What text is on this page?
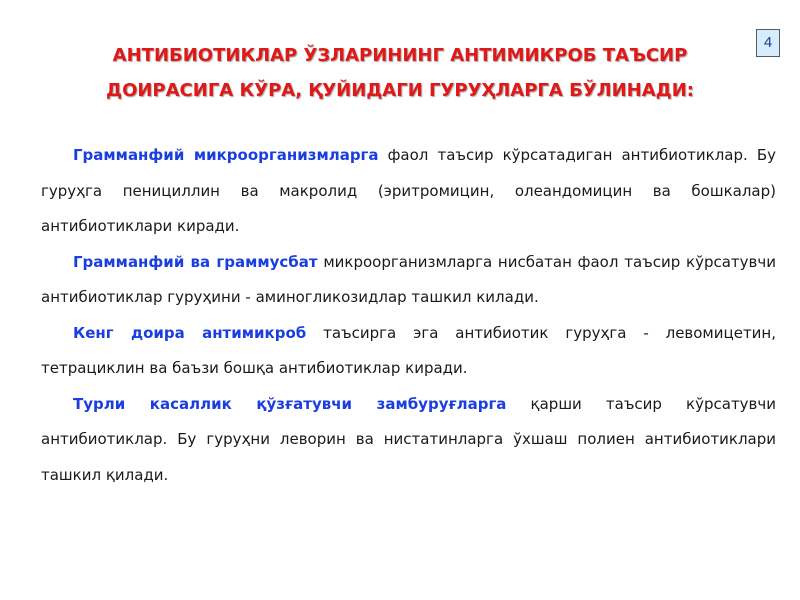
4
АНТИБИОТИКЛАР ЎЗЛАРИНИНГ АНТИМИКРОБ ТАЪСИР
ДОИРАСИГА КЎРА, ҚУЙИДАГИ ГУРУҲЛАРГА БЎЛИНАДИ:

Грамманфий микроорганизмларга фаол таъсир кўрсатадиган антибиотиклар. Бу гуруҳга пенициллин ва макролид (эритромицин, олеандомицин ва бошкалар) антибиотиклари киради.

Грамманфий ва граммусбат микроорганизмларга нисбатан фаол таъсир кўрсатувчи антибиотиклар гуруҳини - аминогликозидлар ташкил килади.

Кенг доира антимикроб таъсирга эга антибиотик гуруҳга - левомицетин, тетрациклин ва баъзи бошқа антибиотиклар киради.

Турли касаллик қўзғатувчи замбуруғларга қарши таъсир кўрсатувчи антибиотиклар. Бу гуруҳни леворин ва нистатинларга ўхшаш полиен антибиотиклари ташкил қилади.
